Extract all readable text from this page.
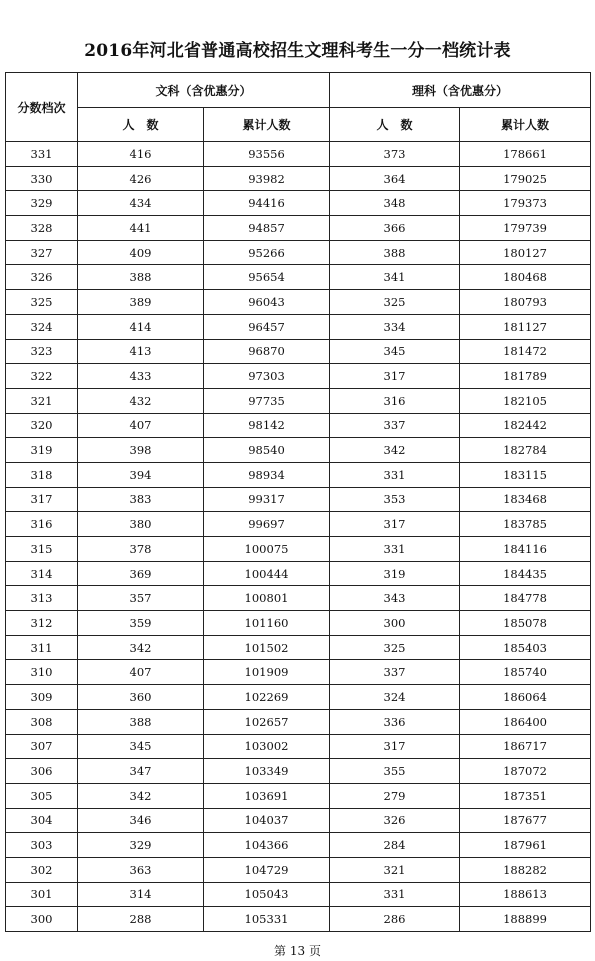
2016年河北省普通高校招生文理科考生一分一档统计表
分数档次	文科（含优惠分）		理科（含优惠分）	
	人　数	累计人数	人　数	累计人数
331	416	93556	373	178661
330	426	93982	364	179025
329	434	94416	348	179373
328	441	94857	366	179739
327	409	95266	388	180127
326	388	95654	341	180468
325	389	96043	325	180793
324	414	96457	334	181127
323	413	96870	345	181472
322	433	97303	317	181789
321	432	97735	316	182105
320	407	98142	337	182442
319	398	98540	342	182784
318	394	98934	331	183115
317	383	99317	353	183468
316	380	99697	317	183785
315	378	100075	331	184116
314	369	100444	319	184435
313	357	100801	343	184778
312	359	101160	300	185078
311	342	101502	325	185403
310	407	101909	337	185740
309	360	102269	324	186064
308	388	102657	336	186400
307	345	103002	317	186717
306	347	103349	355	187072
305	342	103691	279	187351
304	346	104037	326	187677
303	329	104366	284	187961
302	363	104729	321	188282
301	314	105043	331	188613
300	288	105331	286	188899
第 13 页
